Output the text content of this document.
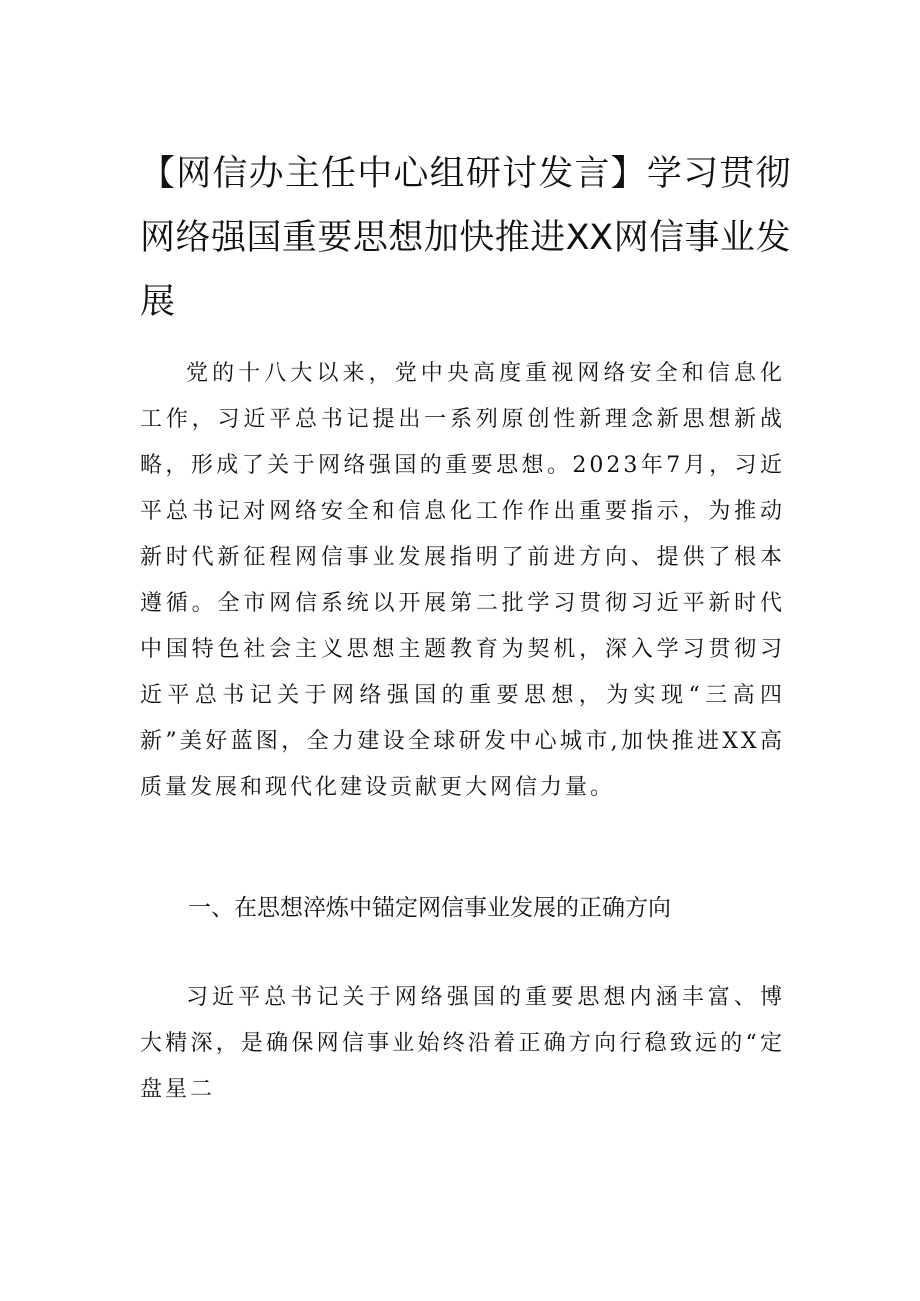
【网信办主任中心组研讨发言】学习贯彻网络强国重要思想加快推进XX网信事业发展
党的十八大以来，党中央高度重视网络安全和信息化工作，习近平总书记提出一系列原创性新理念新思想新战略，形成了关于网络强国的重要思想。2023年7月，习近平总书记对网络安全和信息化工作作出重要指示，为推动新时代新征程网信事业发展指明了前进方向、提供了根本遵循。全市网信系统以开展第二批学习贯彻习近平新时代中国特色社会主义思想主题教育为契机，深入学习贯彻习近平总书记关于网络强国的重要思想，为实现“三高四新”美好蓝图，全力建设全球研发中心城市,加快推进XX高质量发展和现代化建设贡献更大网信力量。
一、在思想淬炼中锚定网信事业发展的正确方向
习近平总书记关于网络强国的重要思想内涵丰富、博大精深，是确保网信事业始终沿着正确方向行稳致远的“定盘星二
